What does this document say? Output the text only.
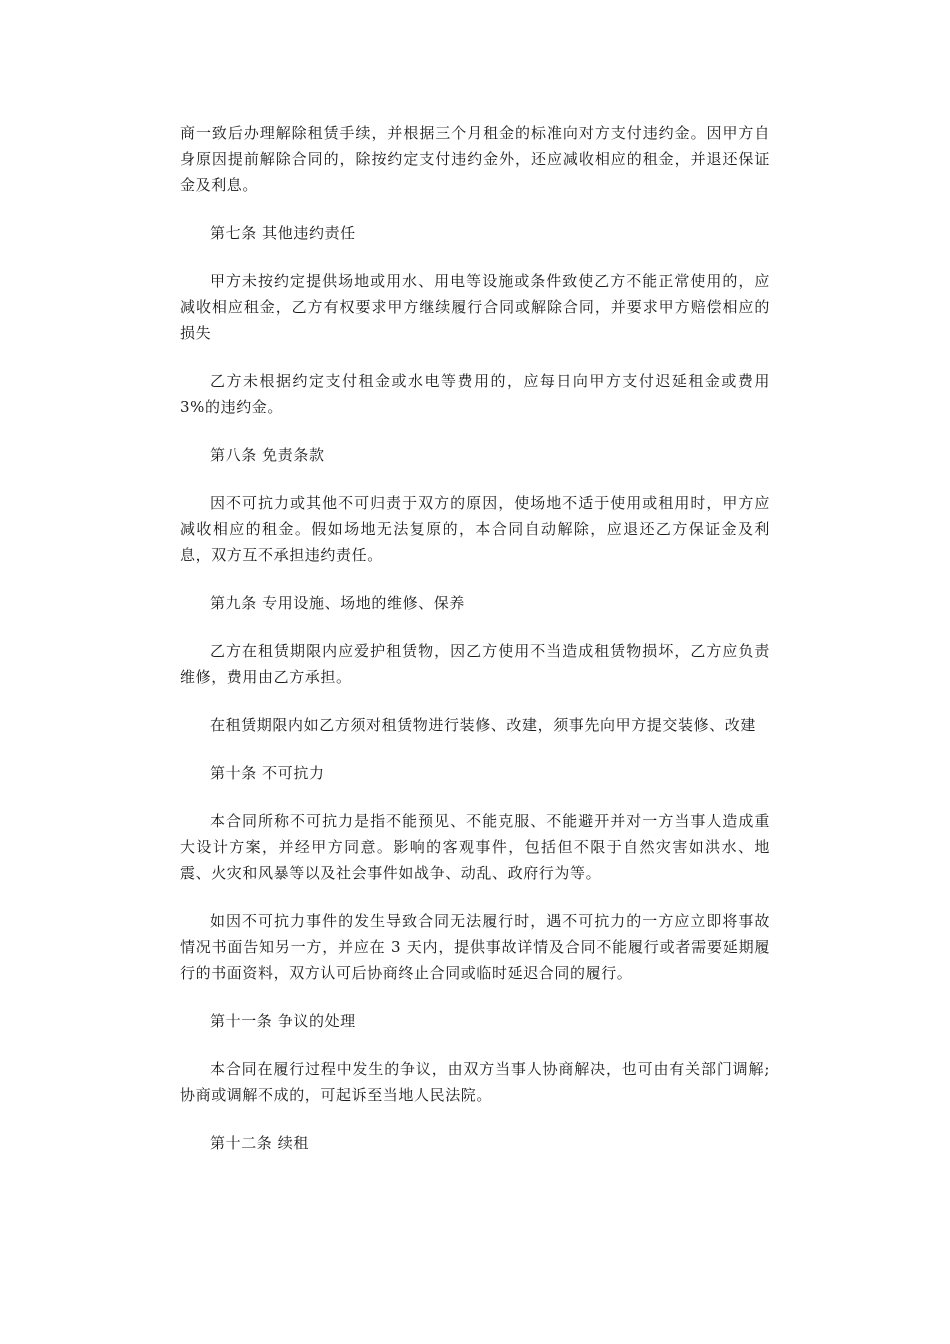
商一致后办理解除租赁手续，并根据三个月租金的标准向对方支付违约金。因甲方自身原因提前解除合同的，除按约定支付违约金外，还应减收相应的租金，并退还保证金及利息。

第七条 其他违约责任

甲方未按约定提供场地或用水、用电等设施或条件致使乙方不能正常使用的，应减收相应租金，乙方有权要求甲方继续履行合同或解除合同，并要求甲方赔偿相应的损失

乙方未根据约定支付租金或水电等费用的，应每日向甲方支付迟延租金或费用 3%的违约金。

第八条 免责条款

因不可抗力或其他不可归责于双方的原因，使场地不适于使用或租用时，甲方应减收相应的租金。假如场地无法复原的，本合同自动解除，应退还乙方保证金及利息，双方互不承担违约责任。

第九条 专用设施、场地的维修、保养

乙方在租赁期限内应爱护租赁物，因乙方使用不当造成租赁物损坏，乙方应负责维修，费用由乙方承担。

在租赁期限内如乙方须对租赁物进行装修、改建，须事先向甲方提交装修、改建

第十条 不可抗力

本合同所称不可抗力是指不能预见、不能克服、不能避开并对一方当事人造成重大设计方案，并经甲方同意。影响的客观事件，包括但不限于自然灾害如洪水、地震、火灾和风暴等以及社会事件如战争、动乱、政府行为等。

如因不可抗力事件的发生导致合同无法履行时，遇不可抗力的一方应立即将事故情况书面告知另一方，并应在 3 天内，提供事故详情及合同不能履行或者需要延期履行的书面资料，双方认可后协商终止合同或临时延迟合同的履行。

第十一条 争议的处理

本合同在履行过程中发生的争议，由双方当事人协商解决，也可由有关部门调解;协商或调解不成的，可起诉至当地人民法院。

第十二条 续租
